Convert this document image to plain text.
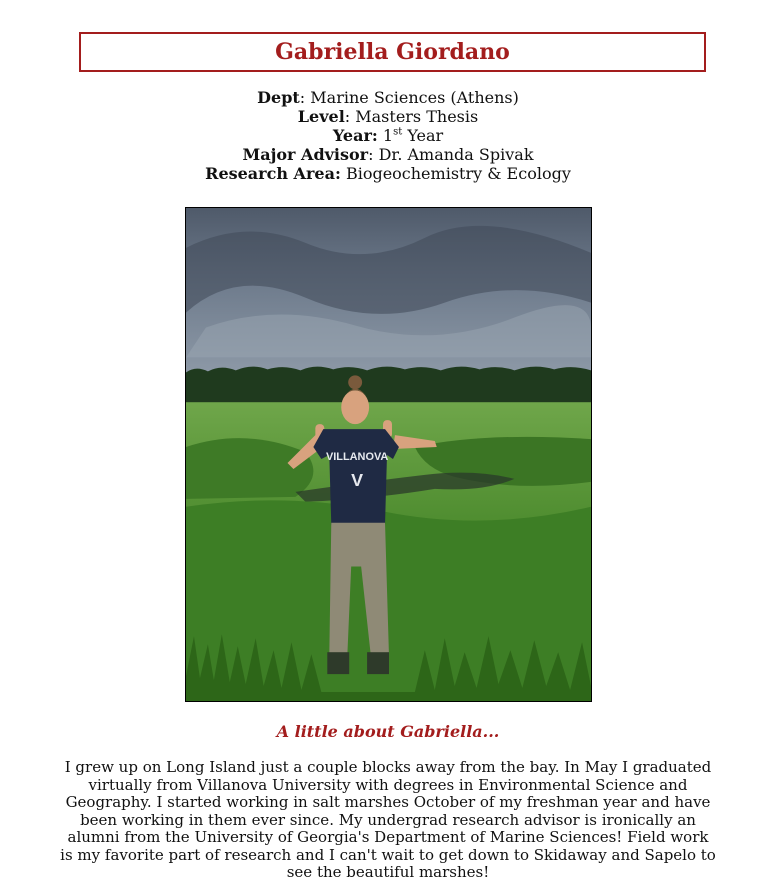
Gabriella Giordano
Dept: Marine Sciences (Athens)
Level: Masters Thesis
Year: 1st Year
Major Advisor: Dr. Amanda Spivak
Research Area: Biogeochemistry & Ecology
VILLANOVA
V

A little about Gabriella...

I grew up on Long Island just a couple blocks away from the bay. In May I graduated virtually from Villanova University with degrees in Environmental Science and Geography. I started working in salt marshes October of my freshman year and have been working in them ever since. My undergrad research advisor is ironically an alumni from the University of Georgia's Department of Marine Sciences! Field work is my favorite part of research and I can't wait to get down to Skidaway and Sapelo to see the beautiful marshes!
